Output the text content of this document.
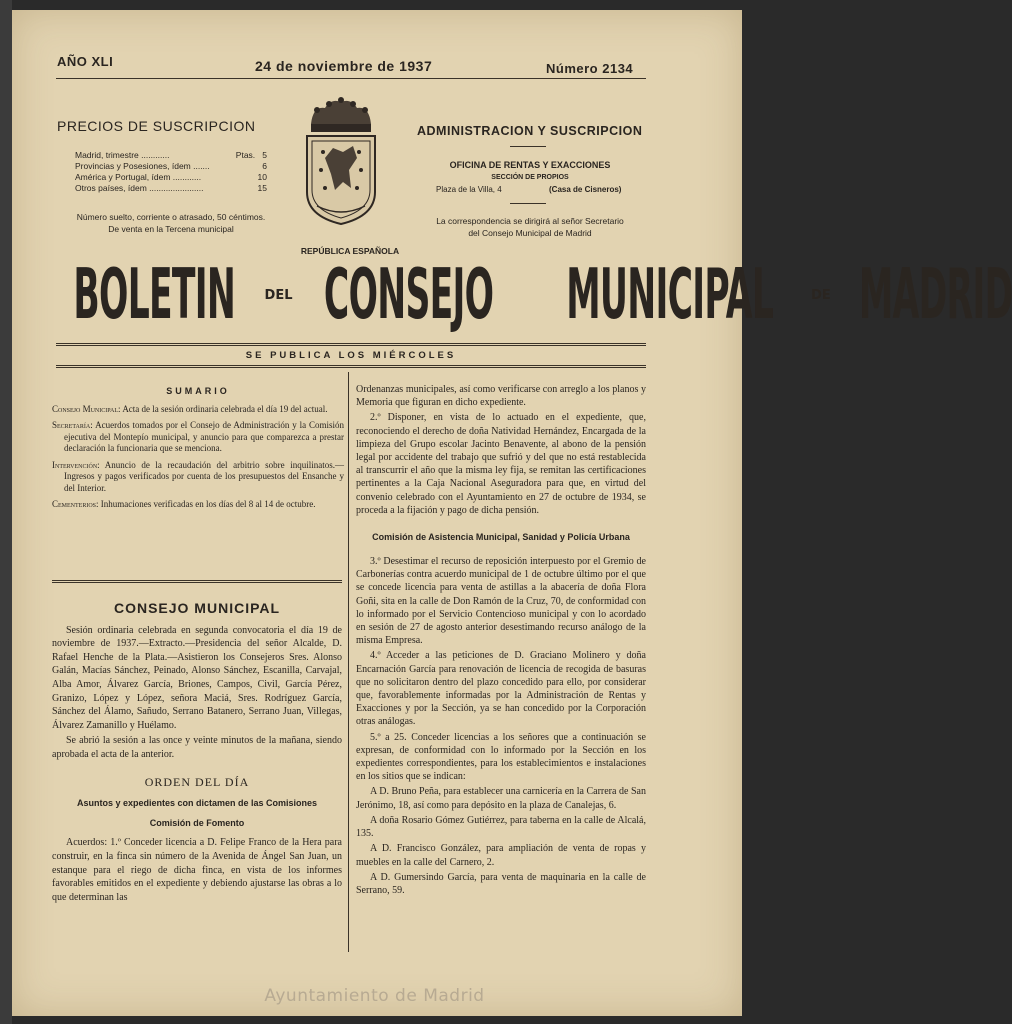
AÑO XLI	24 de noviembre de 1937	Número 2134
PRECIOS DE SUSCRIPCION
Madrid, trimestre ............	Ptas. 5
Provincias y Posesiones, ídem .......	6
América y Portugal, ídem ............	10
Otros países, ídem .......................	15
Número suelto, corriente o atrasado, 50 céntimos.
De venta en la Tercena municipal
ADMINISTRACION Y SUSCRIPCION
OFICINA DE RENTAS Y EXACCIONES
SECCIÓN DE PROPIOS
Plaza de la Villa, 4	(Casa de Cisneros)
La correspondencia se dirigirá al señor Secretario
del Consejo Municipal de Madrid
REPÚBLICA ESPAÑOLA
BOLETIN DEL CONSEJO MUNICIPAL	DE MADRID
SE PUBLICA LOS MIÉRCOLES
SUMARIO
Consejo Municipal: Acta de la sesión ordinaria celebrada el día 19 del actual.
Secretaría: Acuerdos tomados por el Consejo de Administración y la Comisión ejecutiva del Montepío municipal, y anuncio para que comparezca a prestar declaración la funcionaria que se menciona.
Intervención: Anuncio de la recaudación del arbitrio sobre inquilinatos.—Ingresos y pagos verificados por cuenta de los presupuestos del Ensanche y del Interior.
Cementerios: Inhumaciones verificadas en los días del 8 al 14 de octubre.
CONSEJO MUNICIPAL

Sesión ordinaria celebrada en segunda convocatoria el día 19 de noviembre de 1937.—Extracto.—Presidencia del señor Alcalde, D. Rafael Henche de la Plata.—Asistieron los Consejeros Sres. Alonso Galán, Macías Sánchez, Peinado, Alonso Sánchez, Escanilla, Carvajal, Alba Amor, Álvarez García, Briones, Campos, Civil, García Pérez, Granizo, López y López, señora Maciá, Sres. Rodríguez García, Sánchez del Álamo, Sañudo, Serrano Batanero, Serrano Juan, Villegas, Álvarez Zamanillo y Huélamo.

Se abrió la sesión a las once y veinte minutos de la mañana, siendo aprobada el acta de la anterior.

ORDEN DEL DÍA
Asuntos y expedientes con dictamen de las Comisiones
Comisión de Fomento

Acuerdos: 1.º Conceder licencia a D. Felipe Franco de la Hera para construir, en la finca sin número de la Avenida de Ángel San Juan, un estanque para el riego de dicha finca, en vista de los informes favorables emitidos en el expediente y debiendo ajustarse las obras a lo que determinan las

Ordenanzas municipales, así como verificarse con arreglo a los planos y Memoria que figuran en dicho expediente.

2.º Disponer, en vista de lo actuado en el expediente, que, reconociendo el derecho de doña Natividad Hernández, Encargada de la limpieza del Grupo escolar Jacinto Benavente, al abono de la pensión legal por accidente del trabajo que sufrió y del que no está restablecida al transcurrir el año que la misma ley fija, se remitan las certificaciones pertinentes a la Caja Nacional Aseguradora para que, en virtud del convenio celebrado con el Ayuntamiento en 27 de octubre de 1934, se proceda a la fijación y pago de dicha pensión.

Comisión de Asistencia Municipal, Sanidad y Policía Urbana

3.º Desestimar el recurso de reposición interpuesto por el Gremio de Carbonerías contra acuerdo municipal de 1 de octubre último por el que se concede licencia para venta de astillas a la abacería de doña Flora Goñi, sita en la calle de Don Ramón de la Cruz, 70, de conformidad con lo informado por el Servicio Contencioso municipal y con lo acordado en sesión de 27 de agosto anterior desestimando recurso análogo de la misma Empresa.

4.º Acceder a las peticiones de D. Graciano Molinero y doña Encarnación García para renovación de licencia de recogida de basuras que no solicitaron dentro del plazo concedido para ello, por considerar que, favorablemente informadas por la Administración de Rentas y Exacciones y por la Sección, ya se han concedido por la Corporación otras análogas.

5.º a 25. Conceder licencias a los señores que a continuación se expresan, de conformidad con lo informado por la Sección en los expedientes correspondientes, para los establecimientos e instalaciones en los sitios que se indican:

A D. Bruno Peña, para establecer una carnicería en la Carrera de San Jerónimo, 18, así como para depósito en la plaza de Canalejas, 6.

A doña Rosario Gómez Gutiérrez, para taberna en la calle de Alcalá, 135.

A D. Francisco González, para ampliación de venta de ropas y muebles en la calle del Carnero, 2.

A D. Gumersindo García, para venta de maquinaria en la calle de Serrano, 59.

Ayuntamiento de Madrid
